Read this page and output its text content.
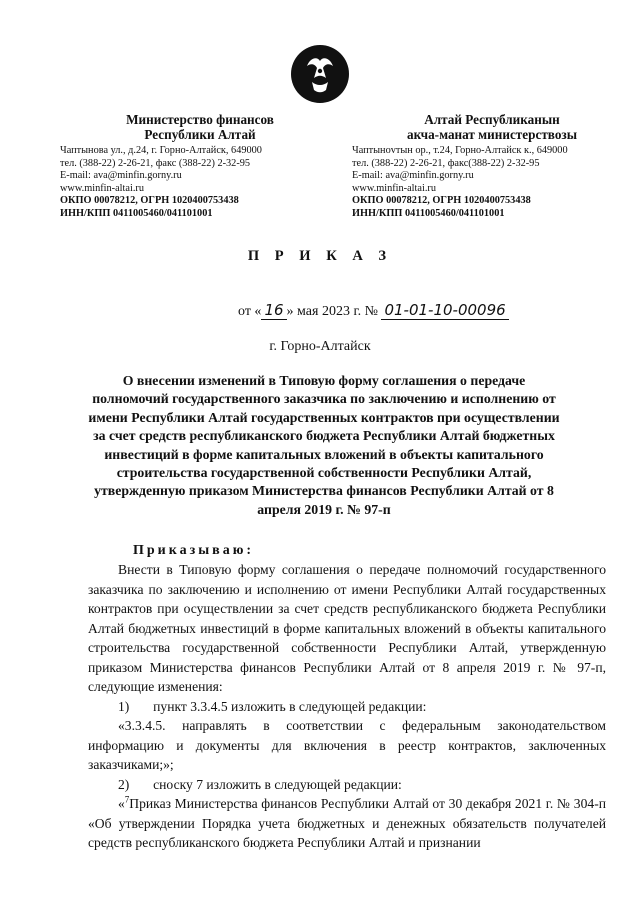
Министерство финансов
Республики Алтай
Чаптынова ул., д.24, г. Горно-Алтайск, 649000
тел. (388-22) 2-26-21, факс (388-22) 2-32-95
E-mail: ava@minfin.gorny.ru
www.minfin-altai.ru
ОКПО 00078212, ОГРН 1020400753438
ИНН/КПП 0411005460/041101001
Алтай Республиканын
акча-манат министерствозы
Чаптынovтын ор., т.24, Горно-Алтайск к., 649000
тел. (388-22) 2-26-21, факс(388-22) 2-32-95
E-mail: ava@minfin.gorny.ru
www.minfin-altai.ru
ОКПО 00078212, ОГРН 1020400753438
ИНН/КПП 0411005460/041101001
П Р И К А З
от « 16 » мая 2023 г. № 01-01-10-00096
г. Горно-Алтайск
О внесении изменений в Типовую форму соглашения о передаче полномочий государственного заказчика по заключению и исполнению от имени Республики Алтай государственных контрактов при осуществлении за счет средств республиканского бюджета Республики Алтай бюджетных инвестиций в форме капитальных вложений в объекты капитального строительства государственной собственности Республики Алтай, утвержденную приказом Министерства финансов Республики Алтай от 8 апреля 2019 г. № 97-п
Приказываю:

Внести в Типовую форму соглашения о передаче полномочий государственного заказчика по заключению и исполнению от имени Республики Алтай государственных контрактов при осуществлении за счет средств республиканского бюджета Республики Алтай бюджетных инвестиций в форме капитальных вложений в объекты капитального строительства государственной собственности Республики Алтай, утвержденную приказом Министерства финансов Республики Алтай от 8 апреля 2019 г. № 97-п, следующие изменения:

1) пункт 3.3.4.5 изложить в следующей редакции:

«3.3.4.5. направлять в соответствии с федеральным законодательством информацию и документы для включения в реестр контрактов, заключенных заказчиками;»;

2) сноску 7 изложить в следующей редакции:

«$^7$Приказ Министерства финансов Республики Алтай от 30 декабря 2021 г. № 304-п «Об утверждении Порядка учета бюджетных и денежных обязательств получателей средств республиканского бюджета Республики Алтай и признании
